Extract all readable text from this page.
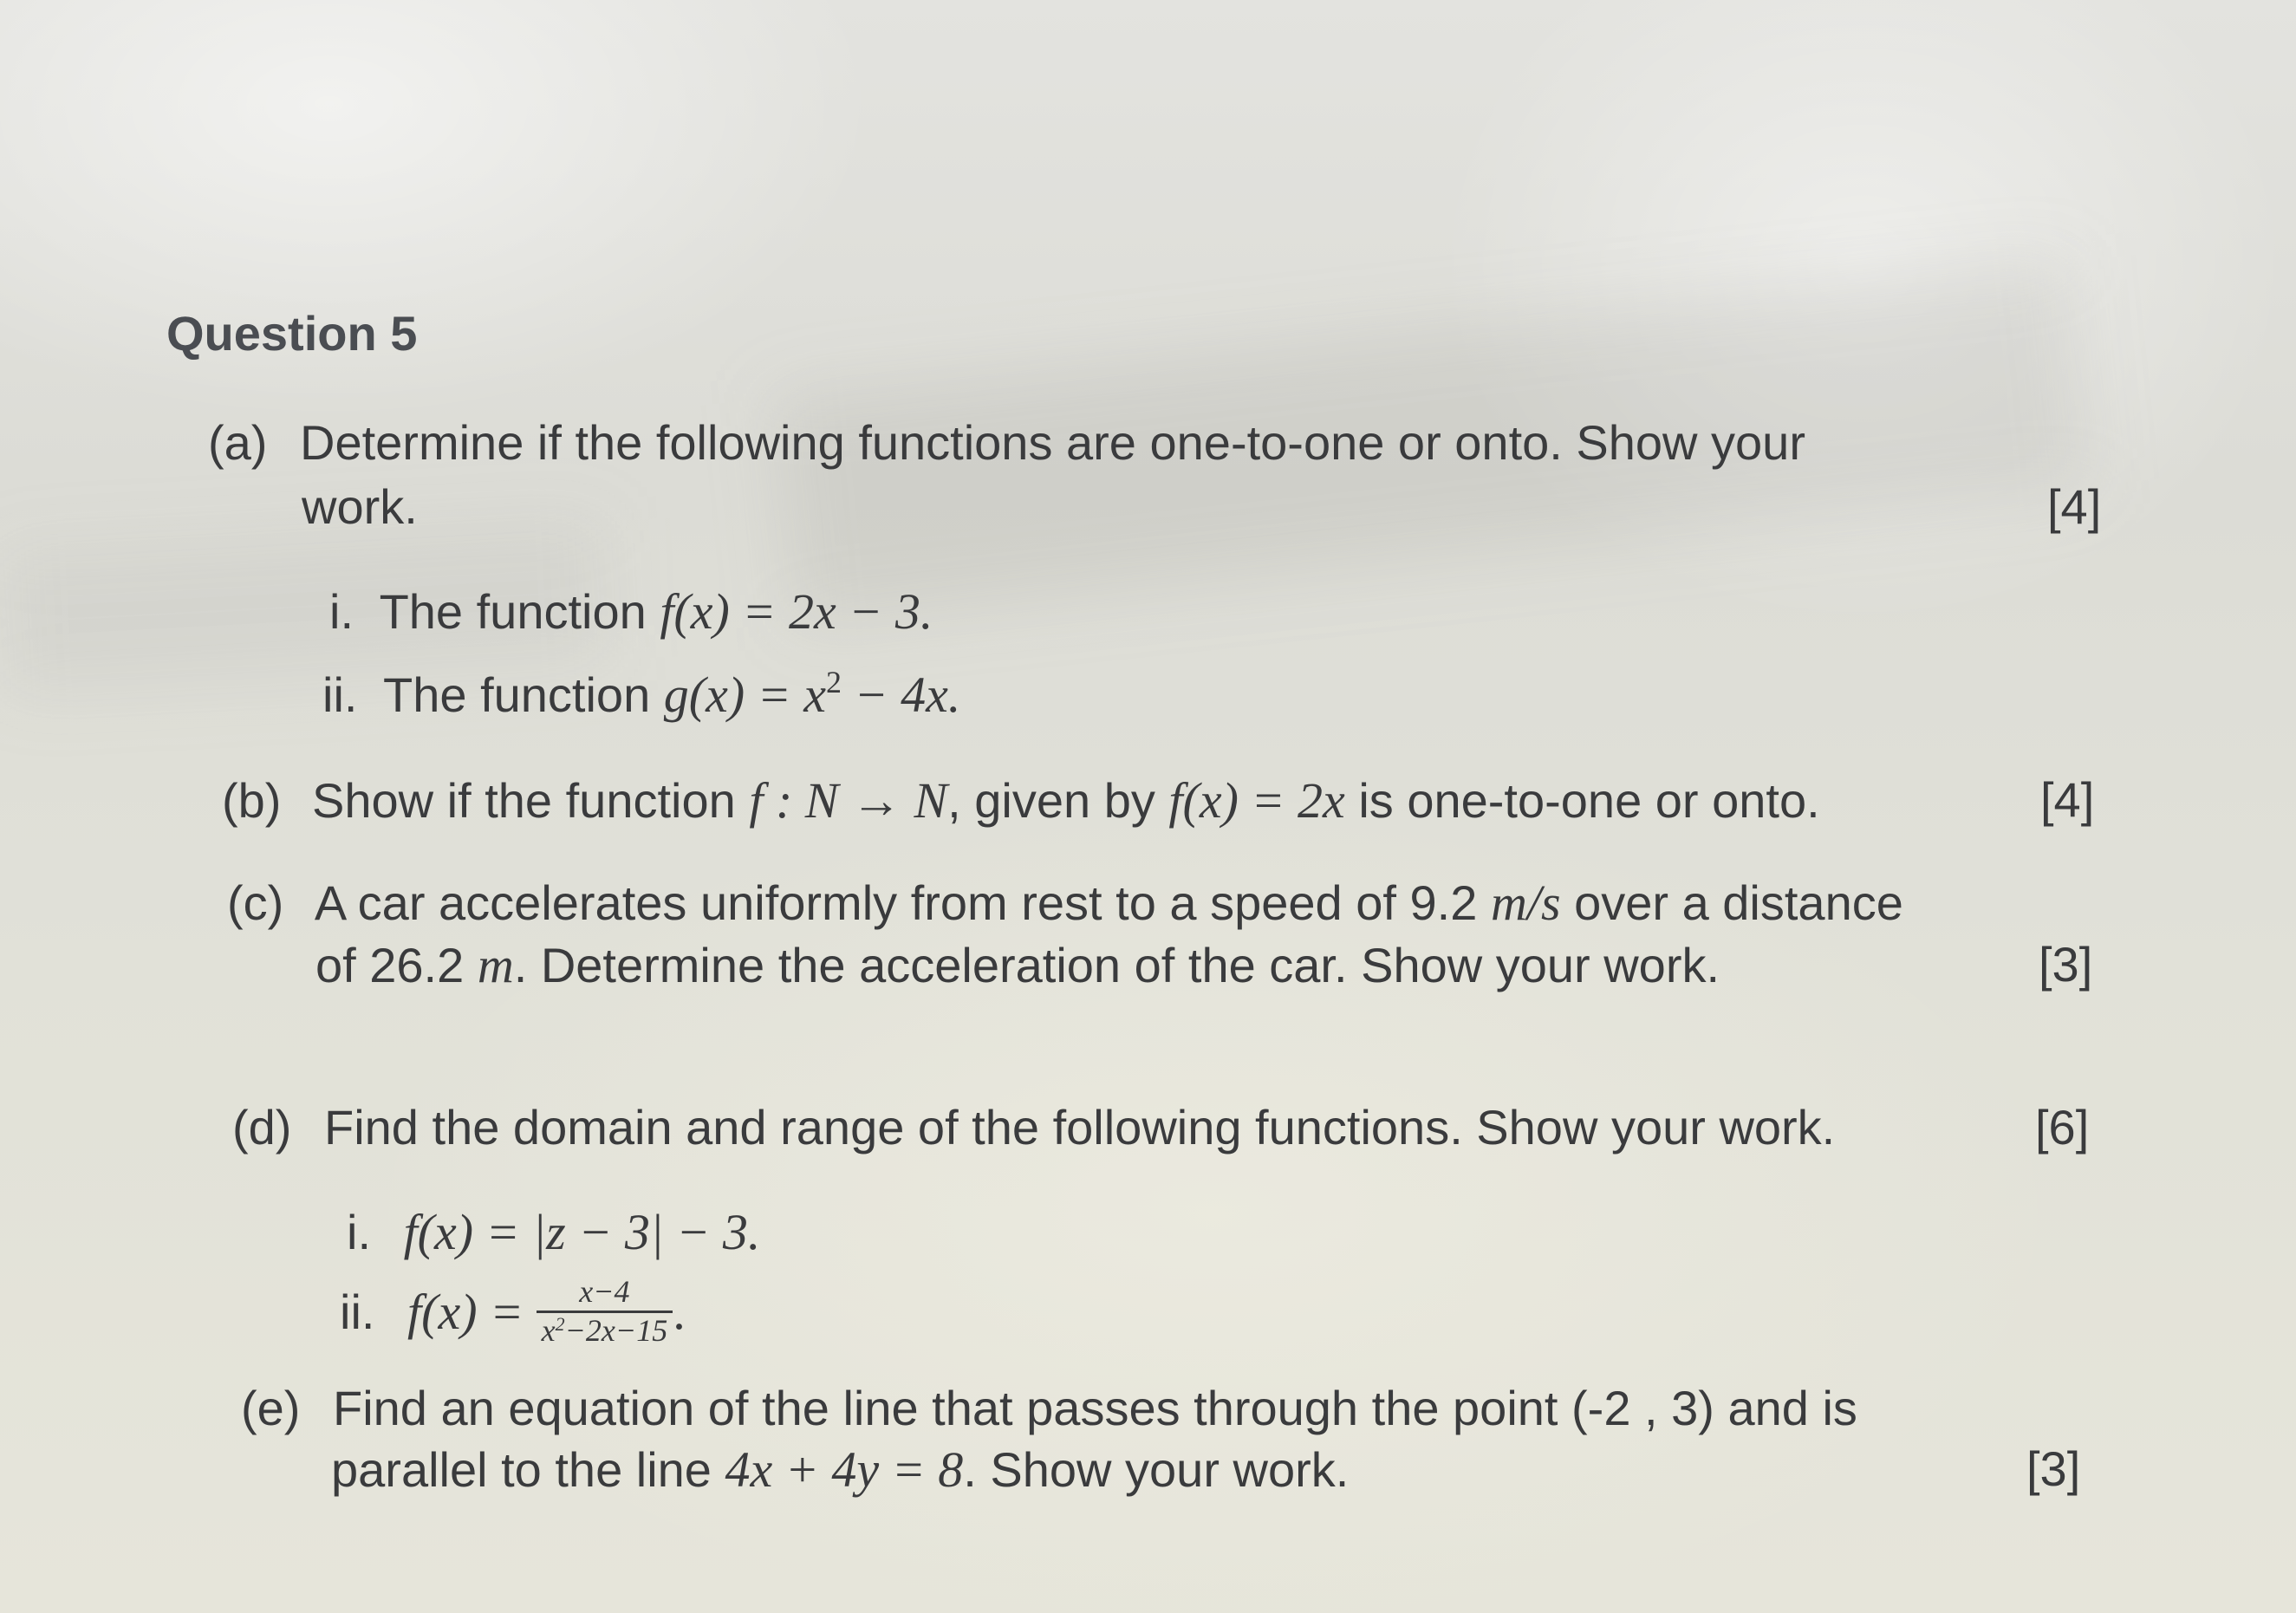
Question 5
(a) Determine if the following functions are one-to-one or onto. Show your
work.	[4]
i. The function f(x) = 2x − 3.
ii. The function $g(x) = x^2 - 4x$.
(b) Show if the function f : N → N, given by f(x) = 2x is one-to-one or onto.	[4]
(c) A car accelerates uniformly from rest to a speed of 9.2 m/s over a distance
of 26.2 m. Determine the acceleration of the car. Show your work.	[3]
(d) Find the domain and range of the following functions. Show your work.	[6]
i. f(x) = |z − 3| − 3.
ii. $f(x) = \frac{x-4}{x^2-2x-15}$ .
(e) Find an equation of the line that passes through the point (-2 , 3) and is
parallel to the line 4x + 4y = 8. Show your work.	[3]
